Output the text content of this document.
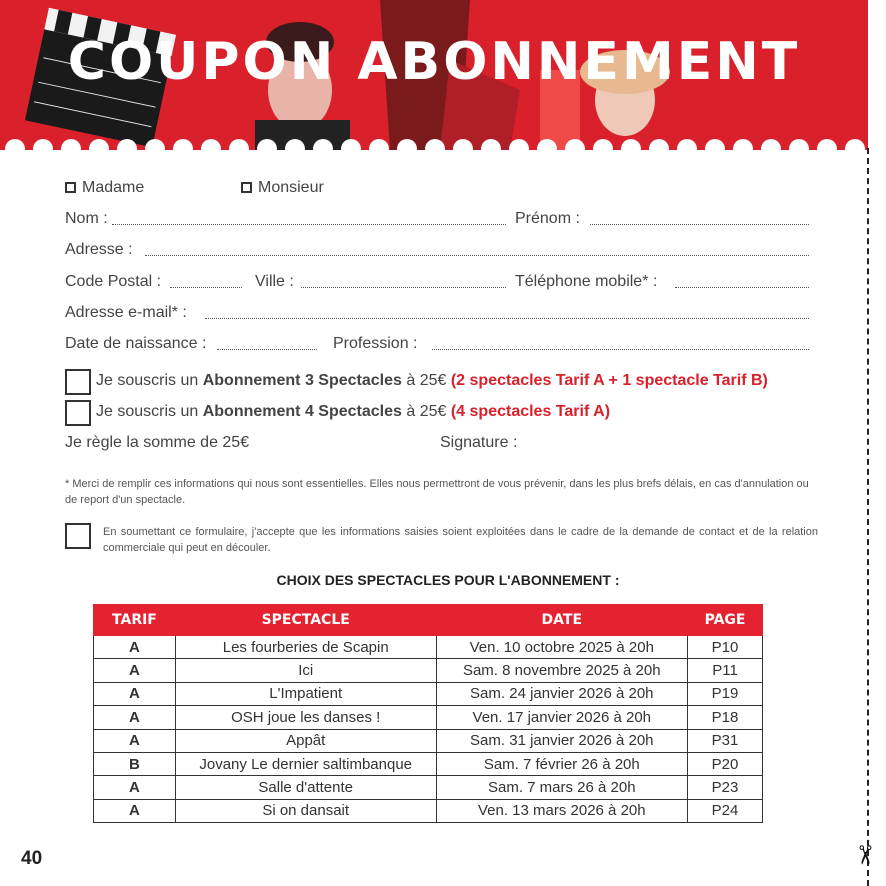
COUPON ABONNEMENT
✂
Madame	Monsieur
Nom :	Prénom :
Adresse :
Code Postal :	Ville :	Téléphone mobile* :
Adresse e-mail* :
Date de naissance :	Profession :
Je souscris un Abonnement 3 Spectacles à 25€ (2 spectacles Tarif A + 1 spectacle Tarif B)
Je souscris un Abonnement 4 Spectacles à 25€ (4 spectacles Tarif A)
Je règle la somme de 25€	Signature :
* Merci de remplir ces informations qui nous sont essentielles. Elles nous permettront de vous prévenir, dans les plus brefs délais, en cas d'annulation ou de report d'un spectacle.
En soumettant ce formulaire, j'accepte que les informations saisies soient exploitées dans le cadre de la demande de contact et de la relation commerciale qui peut en découler.
CHOIX DES SPECTACLES POUR L'ABONNEMENT :
TARIF	SPECTACLE	DATE	PAGE
A	Les fourberies de Scapin	Ven. 10 octobre 2025 à 20h	P10
A	Ici	Sam. 8 novembre 2025 à 20h	P11
A	L'Impatient	Sam. 24 janvier 2026 à 20h	P19
A	OSH joue les danses !	Ven. 17 janvier 2026 à 20h	P18
A	Appât	Sam. 31 janvier 2026 à 20h	P31
B	Jovany Le dernier saltimbanque	Sam. 7 février 26 à 20h	P20
A	Salle d'attente	Sam. 7 mars 26 à 20h	P23
A	Si on dansait	Ven. 13 mars 2026 à 20h	P24
40
